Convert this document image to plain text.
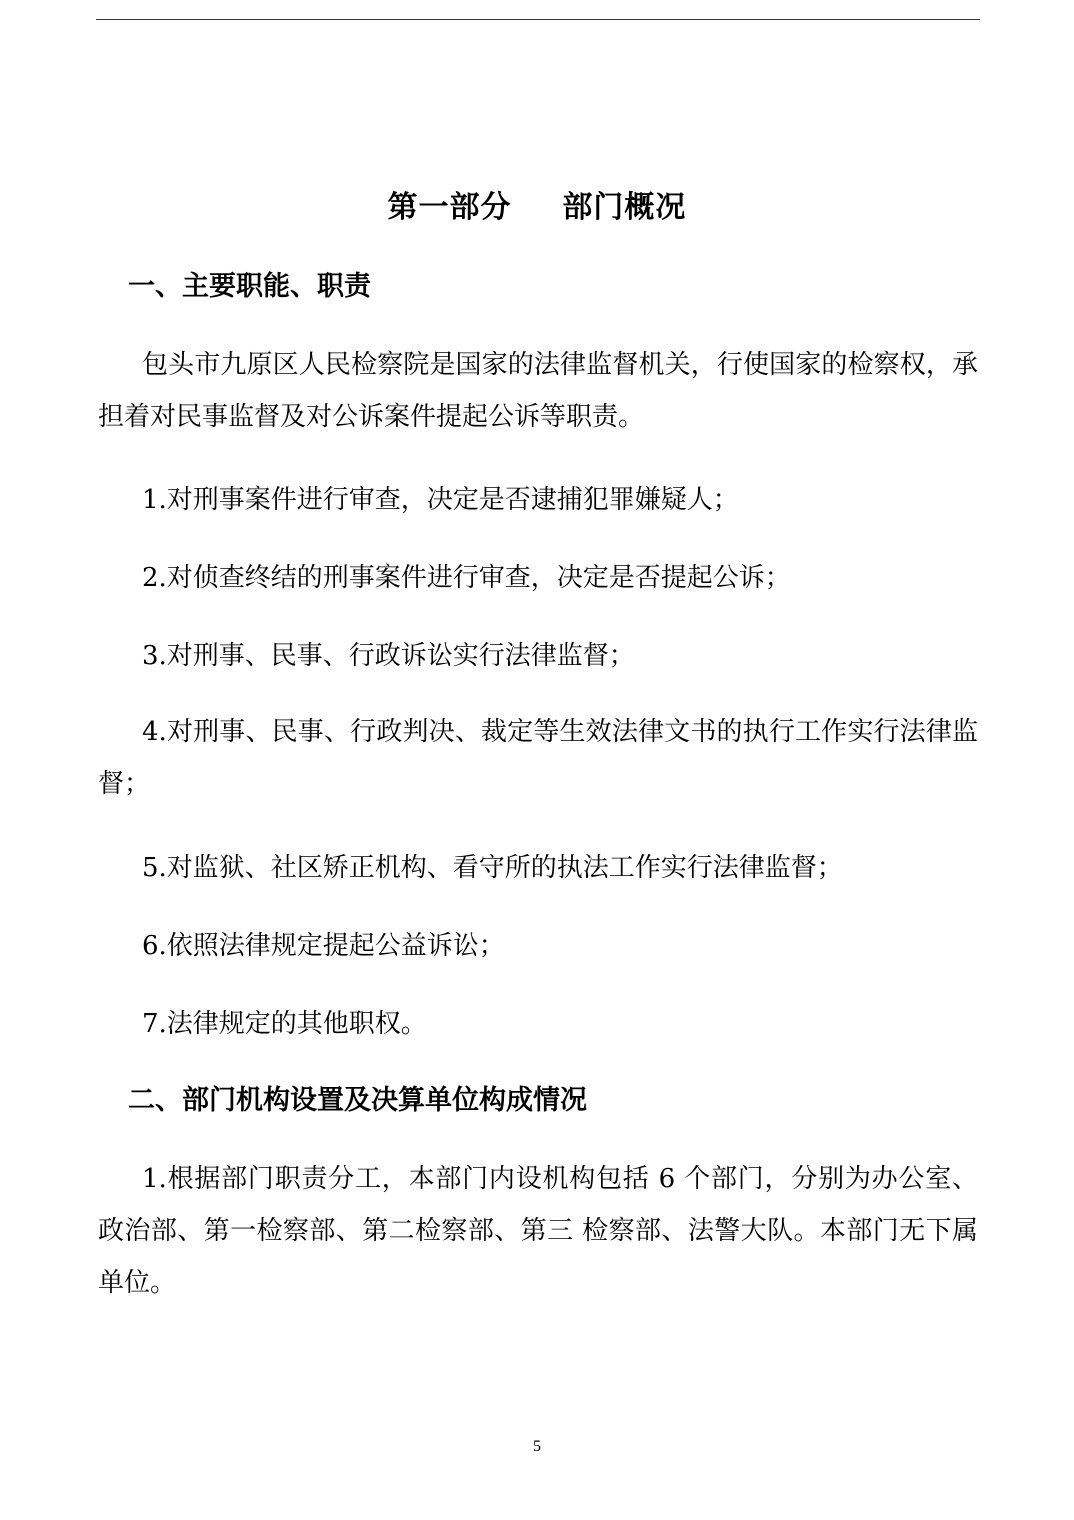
第一部分  部门概况
一、主要职能、职责

包头市九原区人民检察院是国家的法律监督机关，行使国家的检察权，承担着对民事监督及对公诉案件提起公诉等职责。

1.对刑事案件进行审查，决定是否逮捕犯罪嫌疑人；

2.对侦查终结的刑事案件进行审查，决定是否提起公诉；

3.对刑事、民事、行政诉讼实行法律监督；

4.对刑事、民事、行政判决、裁定等生效法律文书的执行工作实行法律监督；

5.对监狱、社区矫正机构、看守所的执法工作实行法律监督；

6.依照法律规定提起公益诉讼；

7.法律规定的其他职权。

二、部门机构设置及决算单位构成情况

1.根据部门职责分工，本部门内设机构包括 6 个部门，分别为办公室、政治部、第一检察部、第二检察部、第三 检察部、法警大队。本部门无下属单位。

5
